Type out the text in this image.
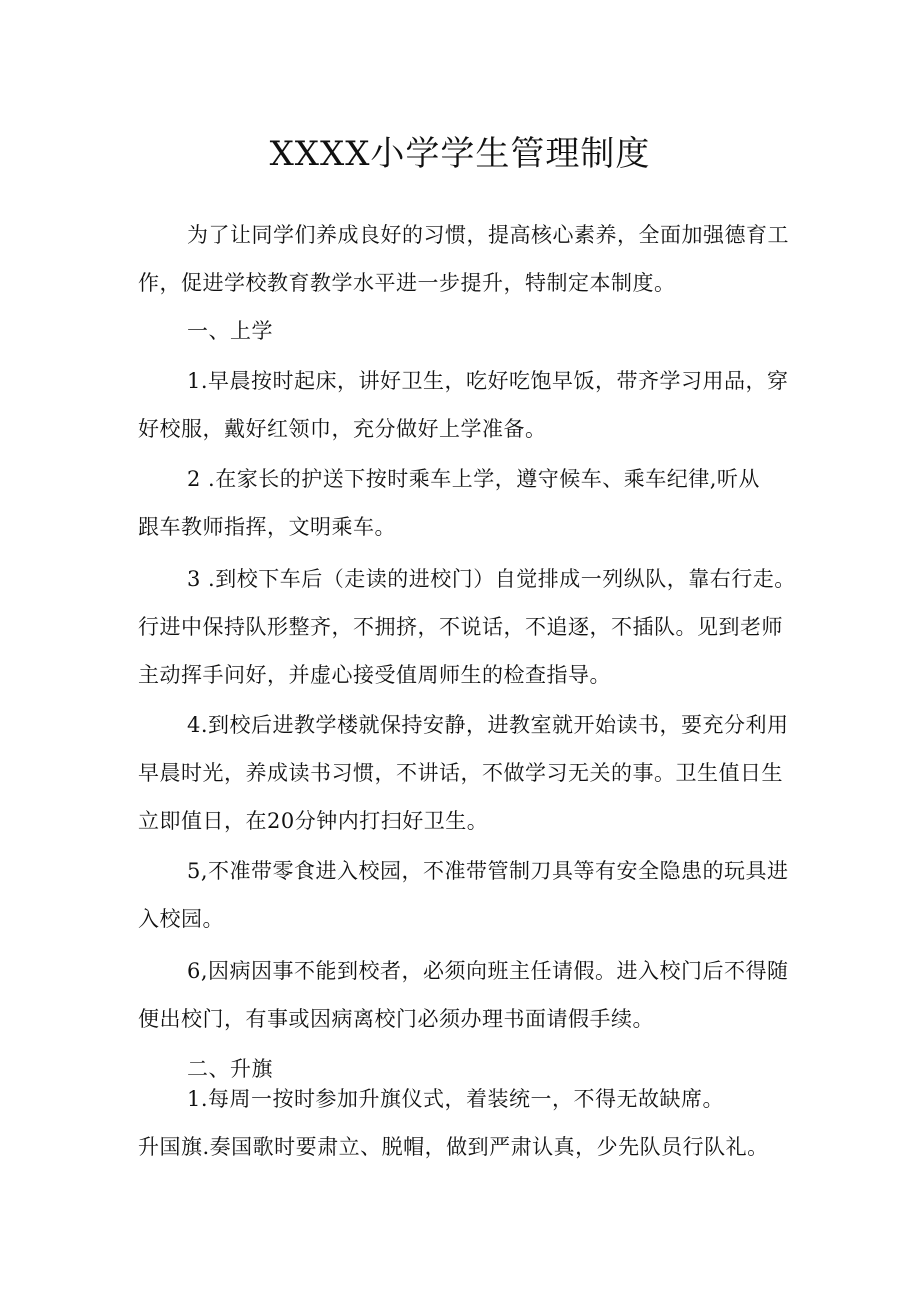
XXXX小学学生管理制度
为了让同学们养成良好的习惯，提高核心素养，全面加强德育工
作，促进学校教育教学水平进一步提升，特制定本制度。
一、上学
1.早晨按时起床，讲好卫生，吃好吃饱早饭，带齐学习用品，穿
好校服，戴好红领巾，充分做好上学准备。
2 .在家长的护送下按时乘车上学，遵守候车、乘车纪律,听从
跟车教师指挥，文明乘车。
3 .到校下车后（走读的进校门）自觉排成一列纵队，靠右行走。
行进中保持队形整齐，不拥挤，不说话，不追逐，不插队。见到老师
主动挥手问好，并虚心接受值周师生的检查指导。
4.到校后进教学楼就保持安静，进教室就开始读书，要充分利用
早晨时光，养成读书习惯，不讲话，不做学习无关的事。卫生值日生
立即值日，在20分钟内打扫好卫生。
5,不准带零食进入校园，不准带管制刀具等有安全隐患的玩具进
入校园。
6,因病因事不能到校者，必须向班主任请假。进入校门后不得随
便出校门，有事或因病离校门必须办理书面请假手续。
二、升旗
1.每周一按时参加升旗仪式，着装统一，不得无故缺席。
升国旗.奏国歌时要肃立、脱帽，做到严肃认真，少先队员行队礼。
